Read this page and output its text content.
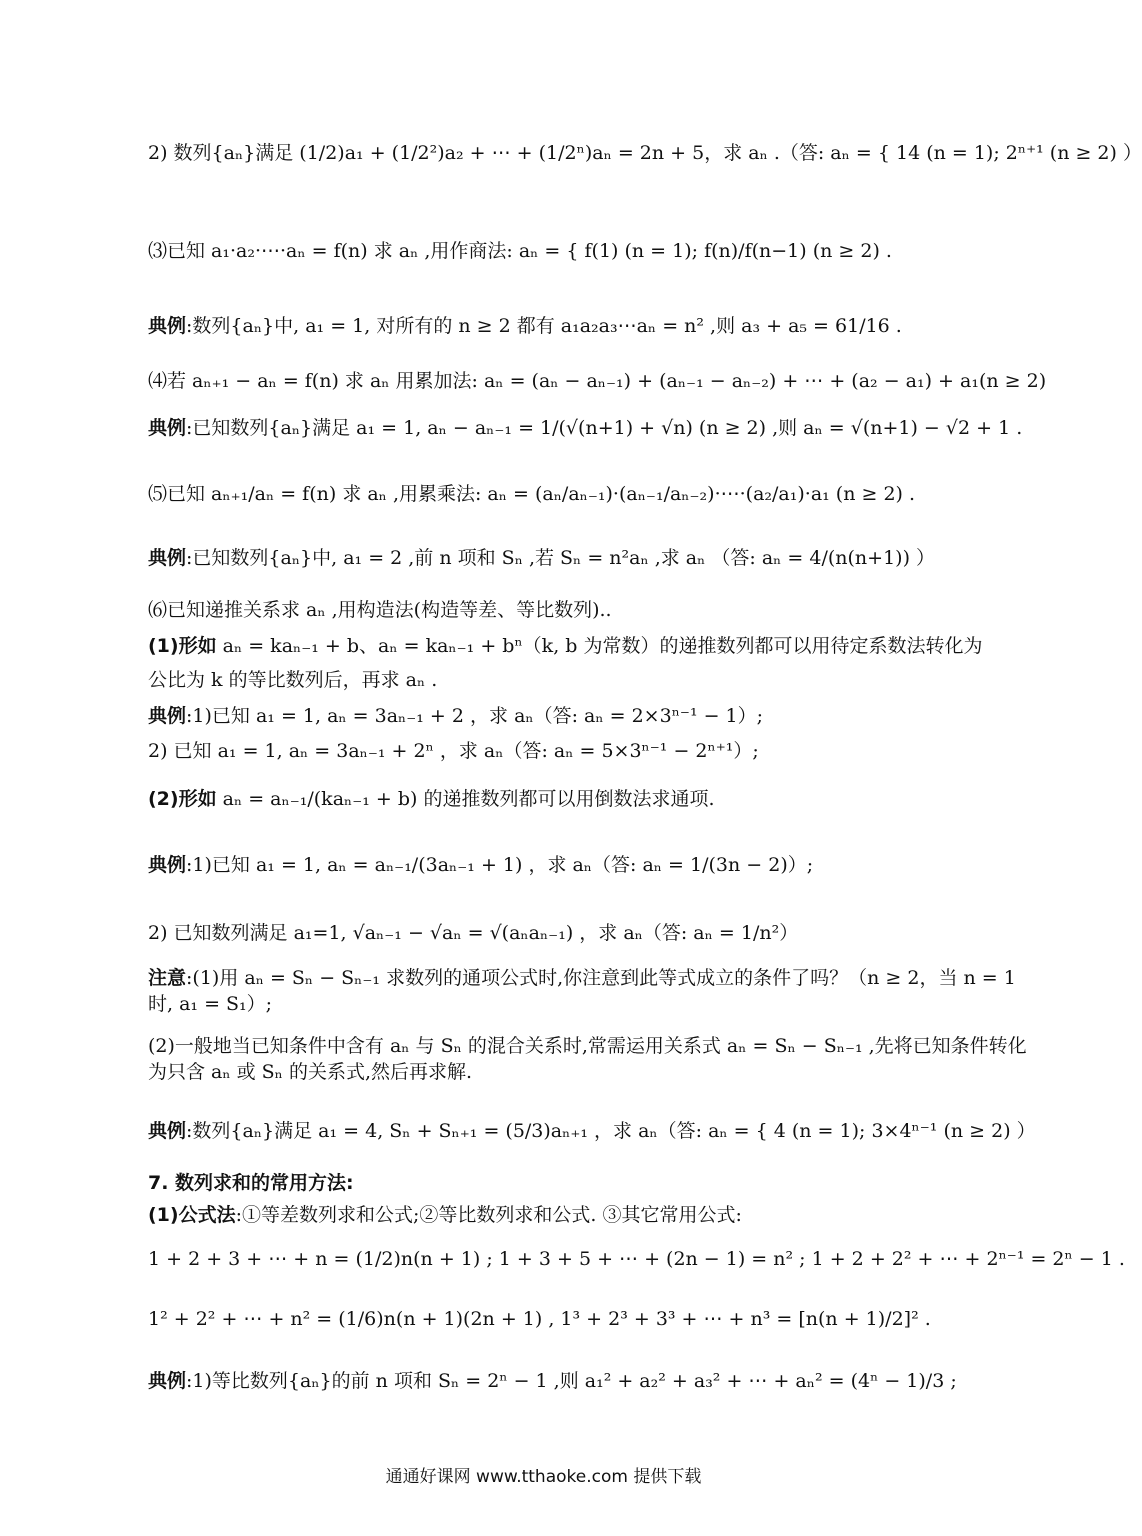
2) 数列{aₙ}满足 (1/2)a₁ + (1/2²)a₂ + ⋯ + (1/2ⁿ)aₙ = 2n + 5，求 aₙ .（答: aₙ = { 14 (n = 1); 2ⁿ⁺¹ (n ≥ 2) ）
⑶已知 a₁·a₂·⋯·aₙ = f(n) 求 aₙ ,用作商法: aₙ = { f(1) (n = 1); f(n)/f(n−1) (n ≥ 2) .
典例:数列{aₙ}中, a₁ = 1, 对所有的 n ≥ 2 都有 a₁a₂a₃⋯aₙ = n² ,则 a₃ + a₅ = 61/16 .
⑷若 aₙ₊₁ − aₙ = f(n) 求 aₙ 用累加法: aₙ = (aₙ − aₙ₋₁) + (aₙ₋₁ − aₙ₋₂) + ⋯ + (a₂ − a₁) + a₁(n ≥ 2)
典例:已知数列{aₙ}满足 a₁ = 1, aₙ − aₙ₋₁ = 1/(√(n+1) + √n) (n ≥ 2) ,则 aₙ = √(n+1) − √2 + 1 .
⑸已知 aₙ₊₁/aₙ = f(n) 求 aₙ ,用累乘法: aₙ = (aₙ/aₙ₋₁)·(aₙ₋₁/aₙ₋₂)·⋯·(a₂/a₁)·a₁ (n ≥ 2) .
典例:已知数列{aₙ}中, a₁ = 2 ,前 n 项和 Sₙ ,若 Sₙ = n²aₙ ,求 aₙ （答: aₙ = 4/(n(n+1)) ）
⑹已知递推关系求 aₙ ,用构造法(构造等差、等比数列)..
(1)形如 aₙ = kaₙ₋₁ + b、aₙ = kaₙ₋₁ + bⁿ（k, b 为常数）的递推数列都可以用待定系数法转化为
公比为 k 的等比数列后，再求 aₙ .
典例:1)已知 a₁ = 1, aₙ = 3aₙ₋₁ + 2 ，求 aₙ（答: aₙ = 2×3ⁿ⁻¹ − 1）;
2) 已知 a₁ = 1, aₙ = 3aₙ₋₁ + 2ⁿ ，求 aₙ（答: aₙ = 5×3ⁿ⁻¹ − 2ⁿ⁺¹）;
(2)形如 aₙ = aₙ₋₁/(kaₙ₋₁ + b) 的递推数列都可以用倒数法求通项.
典例:1)已知 a₁ = 1, aₙ = aₙ₋₁/(3aₙ₋₁ + 1) ，求 aₙ（答: aₙ = 1/(3n − 2)）;
2) 已知数列满足 a₁=1, √aₙ₋₁ − √aₙ = √(aₙaₙ₋₁) ，求 aₙ（答: aₙ = 1/n²）
注意:(1)用 aₙ = Sₙ − Sₙ₋₁ 求数列的通项公式时,你注意到此等式成立的条件了吗？（n ≥ 2，当 n = 1 时, a₁ = S₁）;
(2)一般地当已知条件中含有 aₙ 与 Sₙ 的混合关系时,常需运用关系式 aₙ = Sₙ − Sₙ₋₁ ,先将已知条件转化为只含 aₙ 或 Sₙ 的关系式,然后再求解.
典例:数列{aₙ}满足 a₁ = 4, Sₙ + Sₙ₊₁ = (5/3)aₙ₊₁ ，求 aₙ（答: aₙ = { 4 (n = 1); 3×4ⁿ⁻¹ (n ≥ 2) ）
7. 数列求和的常用方法:
(1)公式法:①等差数列求和公式;②等比数列求和公式. ③其它常用公式:
1 + 2 + 3 + ⋯ + n = (1/2)n(n + 1) ; 1 + 3 + 5 + ⋯ + (2n − 1) = n² ; 1 + 2 + 2² + ⋯ + 2ⁿ⁻¹ = 2ⁿ − 1 .
1² + 2² + ⋯ + n² = (1/6)n(n + 1)(2n + 1) , 1³ + 2³ + 3³ + ⋯ + n³ = [n(n + 1)/2]² .
典例:1)等比数列{aₙ}的前 n 项和 Sₙ = 2ⁿ − 1 ,则 a₁² + a₂² + a₃² + ⋯ + aₙ² = (4ⁿ − 1)/3 ;
通通好课网 www.tthaoke.com 提供下载
